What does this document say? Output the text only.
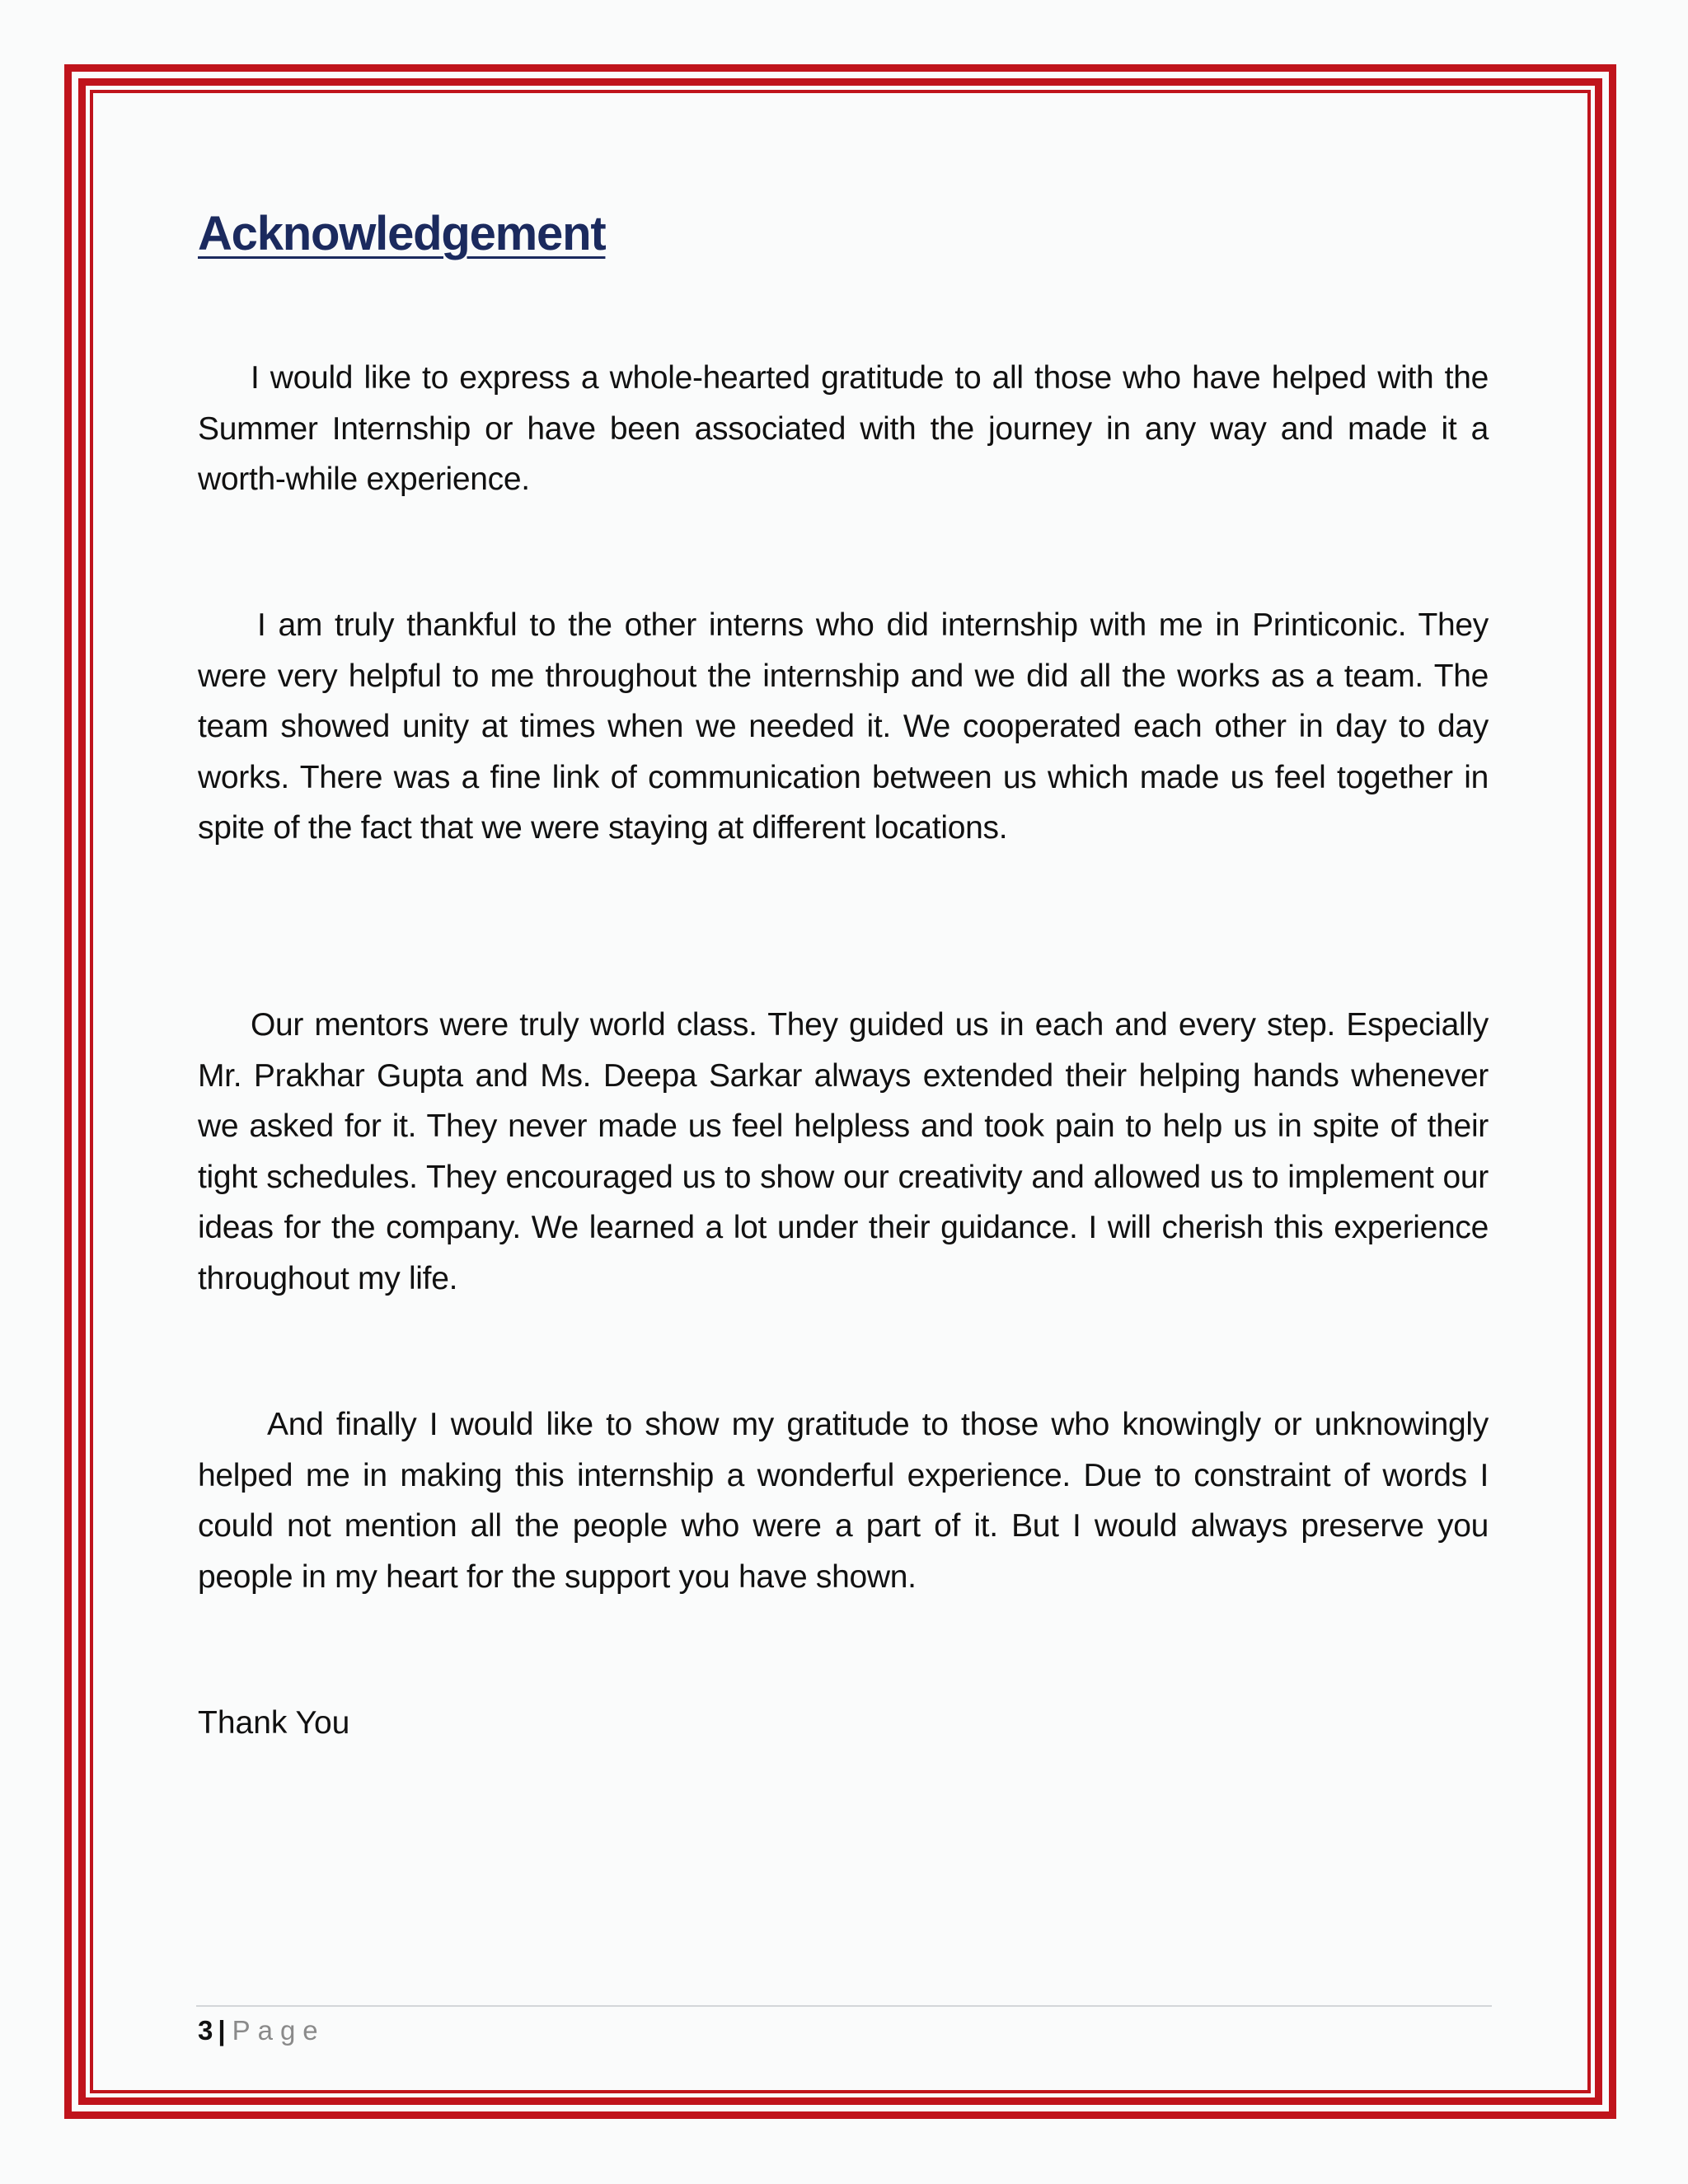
Acknowledgement

I would like to express a whole-hearted gratitude to all those who have helped with the Summer Internship or have been associated with the journey in any way and made it a worth-while experience.

I am truly thankful to the other interns who did internship with me in Printiconic. They were very helpful to me throughout the internship and we did all the works as a team. The team showed unity at times when we needed it. We cooperated each other in day to day works. There was a fine link of communication between us which made us feel together in spite of the fact that we were staying at different locations.

Our mentors were truly world class. They guided us in each and every step. Especially Mr. Prakhar Gupta and Ms. Deepa Sarkar always extended their helping hands whenever we asked for it. They never made us feel helpless and took pain to help us in spite of their tight schedules. They encouraged us to show our creativity and allowed us to implement our ideas for the company. We learned a lot under their guidance. I will cherish this experience throughout my life.

And finally I would like to show my gratitude to those who knowingly or unknowingly helped me in making this internship a wonderful experience. Due to constraint of words I could not mention all the people who were a part of it. But I would always preserve you people in my heart for the support you have shown.

Thank You
3 | Page
